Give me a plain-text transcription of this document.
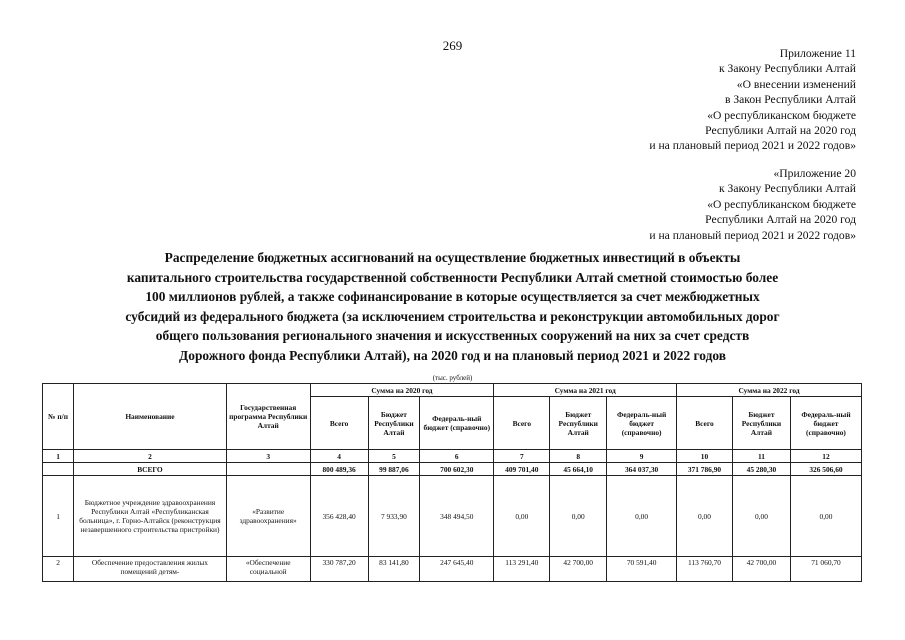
269
Приложение 11
к Закону Республики Алтай
«О внесении изменений
в Закон Республики Алтай
«О республиканском бюджете
Республики Алтай на 2020 год
и на плановый период 2021 и 2022 годов»
«Приложение 20
к Закону Республики Алтай
«О республиканском бюджете
Республики Алтай на 2020 год
и на плановый период 2021 и 2022 годов»
Распределение бюджетных ассигнований на осуществление бюджетных инвестиций в объекты
капитального строительства государственной собственности Республики Алтай сметной стоимостью более
100 миллионов рублей, а также софинансирование в которые осуществляется за счет межбюджетных
субсидий из федерального бюджета (за исключением строительства и реконструкции автомобильных дорог
общего пользования регионального значения и искусственных сооружений на них за счет средств
Дорожного фонда Республики Алтай), на 2020 год и на плановый период 2021 и 2022 годов
(тыс. рублей)
№ п/п	Наименование	Государственная программа Республики Алтай	Сумма на 2020 год			Сумма на 2021 год			Сумма на 2022 год		
			Всего	Бюджет Республики Алтай	Федераль-ный бюджет (справочно)	Всего	Бюджет Республики Алтай	Федераль-ный бюджет (справочно)	Всего	Бюджет Республики Алтай	Федераль-ный бюджет (справочно)
1	2	3	4	5	6	7	8	9	10	11	12
	ВСЕГО		800 489,36	99 887,06	700 602,30	409 701,40	45 664,10	364 037,30	371 786,90	45 280,30	326 506,60
1	Бюджетное учреждение здравоохранения Республики Алтай «Республиканская больница», г. Горно-Алтайск (реконструкция незавершенного строительства пристройки)	«Развитие здравоохранения»	356 428,40	7 933,90	348 494,50	0,00	0,00	0,00	0,00	0,00	0,00
2	Обеспечение предоставления жилых помещений детям-	«Обеспечение социальной	330 787,20	83 141,80	247 645,40	113 291,40	42 700,00	70 591,40	113 760,70	42 700,00	71 060,70
